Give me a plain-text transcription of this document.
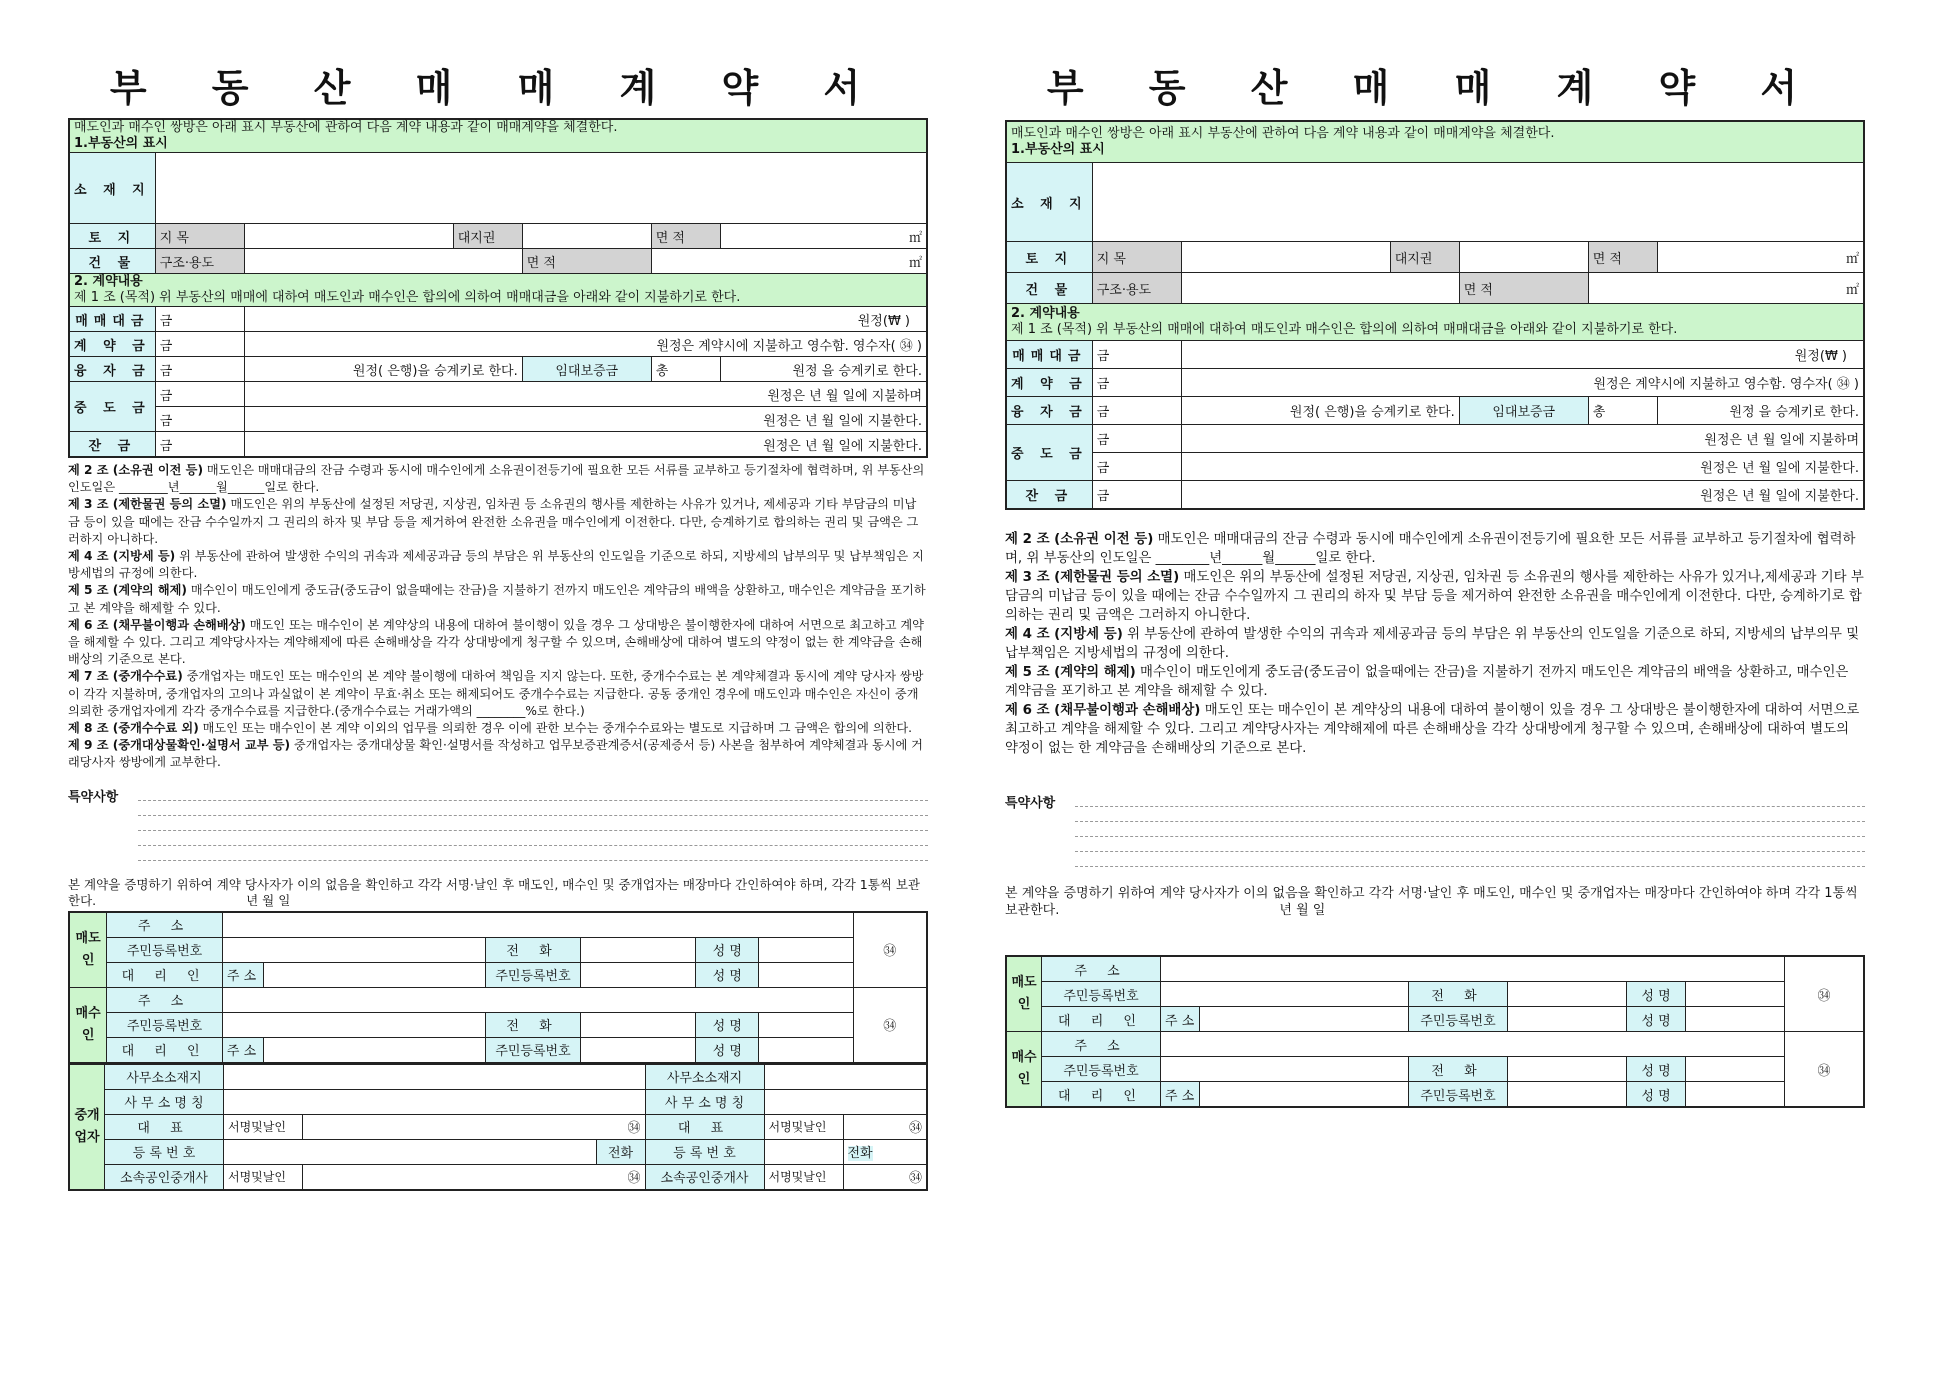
부 동 산 매 매 계 약 서
매도인과 매수인 쌍방은 아래 표시 부동산에 관하여 다음 계약 내용과 같이 매매계약을 체결한다.
1.부동산의 표시						
소 재 지						
토 지	지 목		대지권		면 적	㎡
건 물	구조·용도			면 적	㎡	
2. 계약내용
제 1 조 (목적) 위 부동산의 매매에 대하여 매도인과 매수인은 합의에 의하여 매매대금을 아래와 같이 지불하기로 한다.						
매매대금	금	원정(₩ )				
계 약 금	금	원정은 계약시에 지불하고 영수함. 영수자( ㉞ )				
융 자 금	금	원정( 은행)을 승계키로 한다.		임대보증금	총	원정 을 승계키로 한다.
중 도 금	금	원정은 년 월 일에 지불하며				
	금	원정은 년 월 일에 지불한다.				
잔 금	금	원정은 년 월 일에 지불한다.				

제 2 조 (소유권 이전 등) 매도인은 매매대금의 잔금 수령과 동시에 매수인에게 소유권이전등기에 필요한 모든 서류를 교부하고 등기절차에 협력하며, 위 부동산의 인도일은 ________년______월______일로 한다.

제 3 조 (제한물권 등의 소멸) 매도인은 위의 부동산에 설정된 저당권, 지상권, 임차권 등 소유권의 행사를 제한하는 사유가 있거나, 제세공과 기타 부담금의 미납금 등이 있을 때에는 잔금 수수일까지 그 권리의 하자 및 부담 등을 제거하여 완전한 소유권을 매수인에게 이전한다. 다만, 승계하기로 합의하는 권리 및 금액은 그러하지 아니하다.

제 4 조 (지방세 등) 위 부동산에 관하여 발생한 수익의 귀속과 제세공과금 등의 부담은 위 부동산의 인도일을 기준으로 하되, 지방세의 납부의무 및 납부책임은 지방세법의 규정에 의한다.

제 5 조 (계약의 해제) 매수인이 매도인에게 중도금(중도금이 없을때에는 잔금)을 지불하기 전까지 매도인은 계약금의 배액을 상환하고, 매수인은 계약금을 포기하고 본 계약을 해제할 수 있다.

제 6 조 (채무불이행과 손해배상) 매도인 또는 매수인이 본 계약상의 내용에 대하여 불이행이 있을 경우 그 상대방은 불이행한자에 대하여 서면으로 최고하고 계약을 해제할 수 있다. 그리고 계약당사자는 계약해제에 따른 손해배상을 각각 상대방에게 청구할 수 있으며, 손해배상에 대하여 별도의 약정이 없는 한 계약금을 손해배상의 기준으로 본다.

제 7 조 (중개수수료) 중개업자는 매도인 또는 매수인의 본 계약 불이행에 대하여 책임을 지지 않는다. 또한, 중개수수료는 본 계약체결과 동시에 계약 당사자 쌍방이 각각 지불하며, 중개업자의 고의나 과실없이 본 계약이 무효·취소 또는 해제되어도 중개수수료는 지급한다. 공동 중개인 경우에 매도인과 매수인은 자신이 중개 의뢰한 중개업자에게 각각 중개수수료를 지급한다.(중개수수료는 거래가액의 ________%로 한다.)

제 8 조 (중개수수료 외) 매도인 또는 매수인이 본 계약 이외의 업무를 의뢰한 경우 이에 관한 보수는 중개수수료와는 별도로 지급하며 그 금액은 합의에 의한다.

제 9 조 (중개대상물확인·설명서 교부 등) 중개업자는 중개대상물 확인·설명서를 작성하고 업무보증관계증서(공제증서 등) 사본을 첨부하여 계약체결과 동시에 거래당사자 쌍방에게 교부한다.

특약사항
본 계약을 증명하기 위하여 계약 당사자가 이의 없음을 확인하고 각각 서명·날인 후 매도인, 매수인 및 중개업자는 매장마다 간인하여야 하며, 각각 1통씩 보관한다.	년 월 일
매도인	주 소							㉞
	주민등록번호			전 화		성 명		
	대 리 인	주 소		주민등록번호		성 명		
매수인	주 소							㉞
	주민등록번호			전 화		성 명		
	대 리 인	주 소		주민등록번호		성 명		
중개업자	사무소소재지				사무소소재지		
	사 무 소 명 칭				사 무 소 명 칭		
	대 표	서명및날인	㉞		대 표	서명및날인	㉞
	등 록 번 호			전화	등 록 번 호		전화
	소속공인중개사	서명및날인	㉞		소속공인중개사	서명및날인	㉞
부 동 산 매 매 계 약 서
매도인과 매수인 쌍방은 아래 표시 부동산에 관하여 다음 계약 내용과 같이 매매계약을 체결한다.
1.부동산의 표시						
소 재 지						
토 지	지 목		대지권		면 적	㎡
건 물	구조·용도			면 적	㎡	
2. 계약내용
제 1 조 (목적) 위 부동산의 매매에 대하여 매도인과 매수인은 합의에 의하여 매매대금을 아래와 같이 지불하기로 한다.						
매매대금	금	원정(₩ )				
계 약 금	금	원정은 계약시에 지불하고 영수함. 영수자( ㉞ )				
융 자 금	금	원정( 은행)을 승계키로 한다.		임대보증금	총	원정 을 승계키로 한다.
중 도 금	금	원정은 년 월 일에 지불하며				
	금	원정은 년 월 일에 지불한다.				
잔 금	금	원정은 년 월 일에 지불한다.				

제 2 조 (소유권 이전 등) 매도인은 매매대금의 잔금 수령과 동시에 매수인에게 소유권이전등기에 필요한 모든 서류를 교부하고 등기절차에 협력하며, 위 부동산의 인도일은 ________년______월______일로 한다.

제 3 조 (제한물권 등의 소멸) 매도인은 위의 부동산에 설정된 저당권, 지상권, 임차권 등 소유권의 행사를 제한하는 사유가 있거나,제세공과 기타 부담금의 미납금 등이 있을 때에는 잔금 수수일까지 그 권리의 하자 및 부담 등을 제거하여 완전한 소유권을 매수인에게 이전한다. 다만, 승계하기로 합의하는 권리 및 금액은 그러하지 아니한다.

제 4 조 (지방세 등) 위 부동산에 관하여 발생한 수익의 귀속과 제세공과금 등의 부담은 위 부동산의 인도일을 기준으로 하되, 지방세의 납부의무 및 납부책임은 지방세법의 규정에 의한다.

제 5 조 (계약의 해제) 매수인이 매도인에게 중도금(중도금이 없을때에는 잔금)을 지불하기 전까지 매도인은 계약금의 배액을 상환하고, 매수인은 계약금을 포기하고 본 계약을 해제할 수 있다.

제 6 조 (채무불이행과 손해배상) 매도인 또는 매수인이 본 계약상의 내용에 대하여 불이행이 있을 경우 그 상대방은 불이행한자에 대하여 서면으로 최고하고 계약을 해제할 수 있다. 그리고 계약당사자는 계약해제에 따른 손해배상을 각각 상대방에게 청구할 수 있으며, 손해배상에 대하여 별도의 약정이 없는 한 계약금을 손해배상의 기준으로 본다.

특약사항
본 계약을 증명하기 위하여 계약 당사자가 이의 없음을 확인하고 각각 서명·날인 후 매도인, 매수인 및 중개업자는 매장마다 간인하여야 하며 각각 1통씩 보관한다.	년 월 일
매도인	주 소							㉞
	주민등록번호			전 화		성 명		
	대 리 인	주 소		주민등록번호		성 명		
매수인	주 소							㉞
	주민등록번호			전 화		성 명		
	대 리 인	주 소		주민등록번호		성 명		
